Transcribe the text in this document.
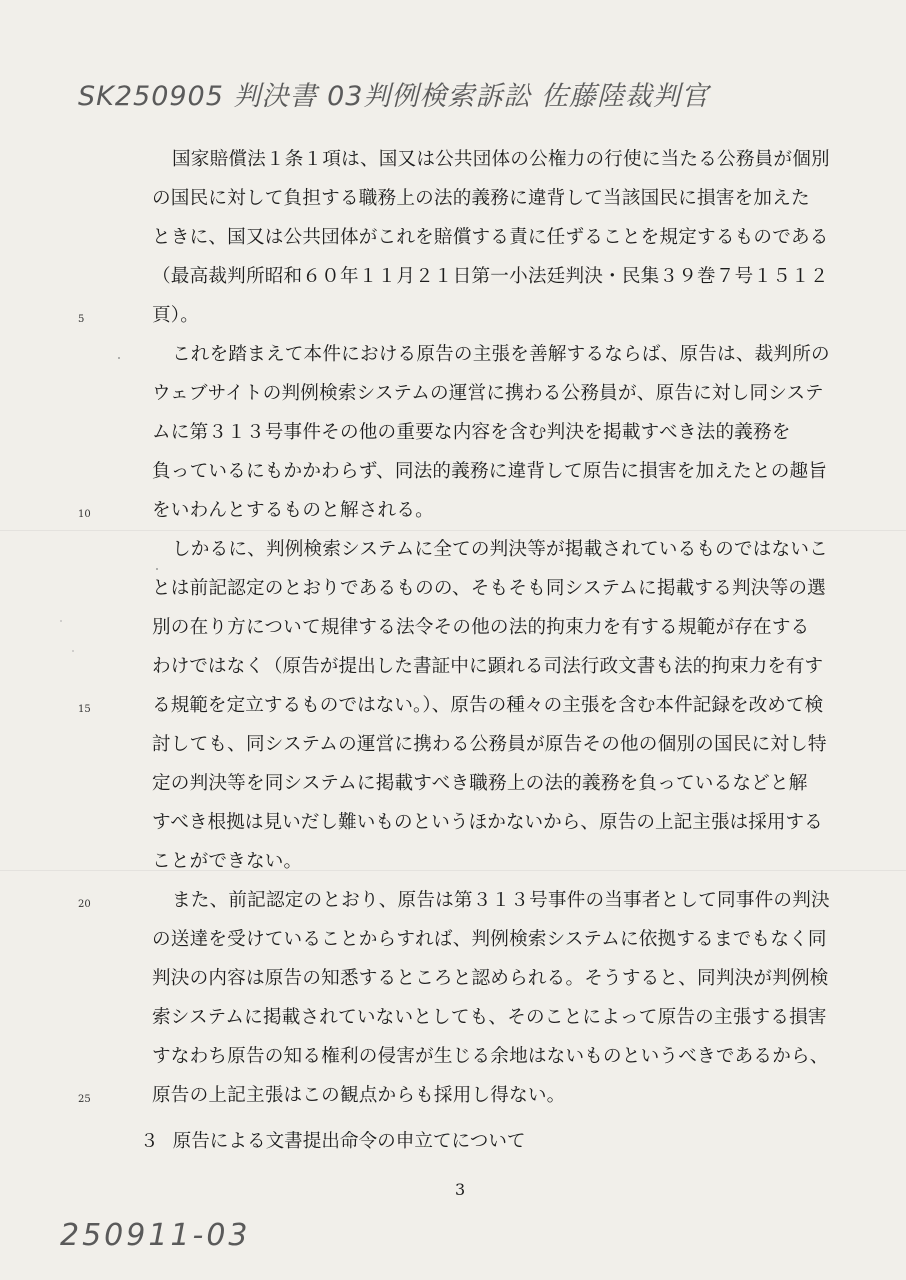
SK250905 判決書 03判例検索訴訟 佐藤陸裁判官
5
10
15
20
25
国家賠償法１条１項は、国又は公共団体の公権力の行使に当たる公務員が個別
の国民に対して負担する職務上の法的義務に違背して当該国民に損害を加えた
ときに、国又は公共団体がこれを賠償する責に任ずることを規定するものである
（最高裁判所昭和６０年１１月２１日第一小法廷判決・民集３９巻７号１５１２
頁）。
これを踏まえて本件における原告の主張を善解するならば、原告は、裁判所の
ウェブサイトの判例検索システムの運営に携わる公務員が、原告に対し同システ
ムに第３１３号事件その他の重要な内容を含む判決を掲載すべき法的義務を
負っているにもかかわらず、同法的義務に違背して原告に損害を加えたとの趣旨
をいわんとするものと解される。
しかるに、判例検索システムに全ての判決等が掲載されているものではないこ
とは前記認定のとおりであるものの、そもそも同システムに掲載する判決等の選
別の在り方について規律する法令その他の法的拘束力を有する規範が存在する
わけではなく（原告が提出した書証中に顕れる司法行政文書も法的拘束力を有す
る規範を定立するものではない。）、原告の種々の主張を含む本件記録を改めて検
討しても、同システムの運営に携わる公務員が原告その他の個別の国民に対し特
定の判決等を同システムに掲載すべき職務上の法的義務を負っているなどと解
すべき根拠は見いだし難いものというほかないから、原告の上記主張は採用する
ことができない。
また、前記認定のとおり、原告は第３１３号事件の当事者として同事件の判決
の送達を受けていることからすれば、判例検索システムに依拠するまでもなく同
判決の内容は原告の知悉するところと認められる。そうすると、同判決が判例検
索システムに掲載されていないとしても、そのことによって原告の主張する損害
すなわち原告の知る権利の侵害が生じる余地はないものというべきであるから、
原告の上記主張はこの観点からも採用し得ない。
３ 原告による文書提出命令の申立てについて
3
250911-03
